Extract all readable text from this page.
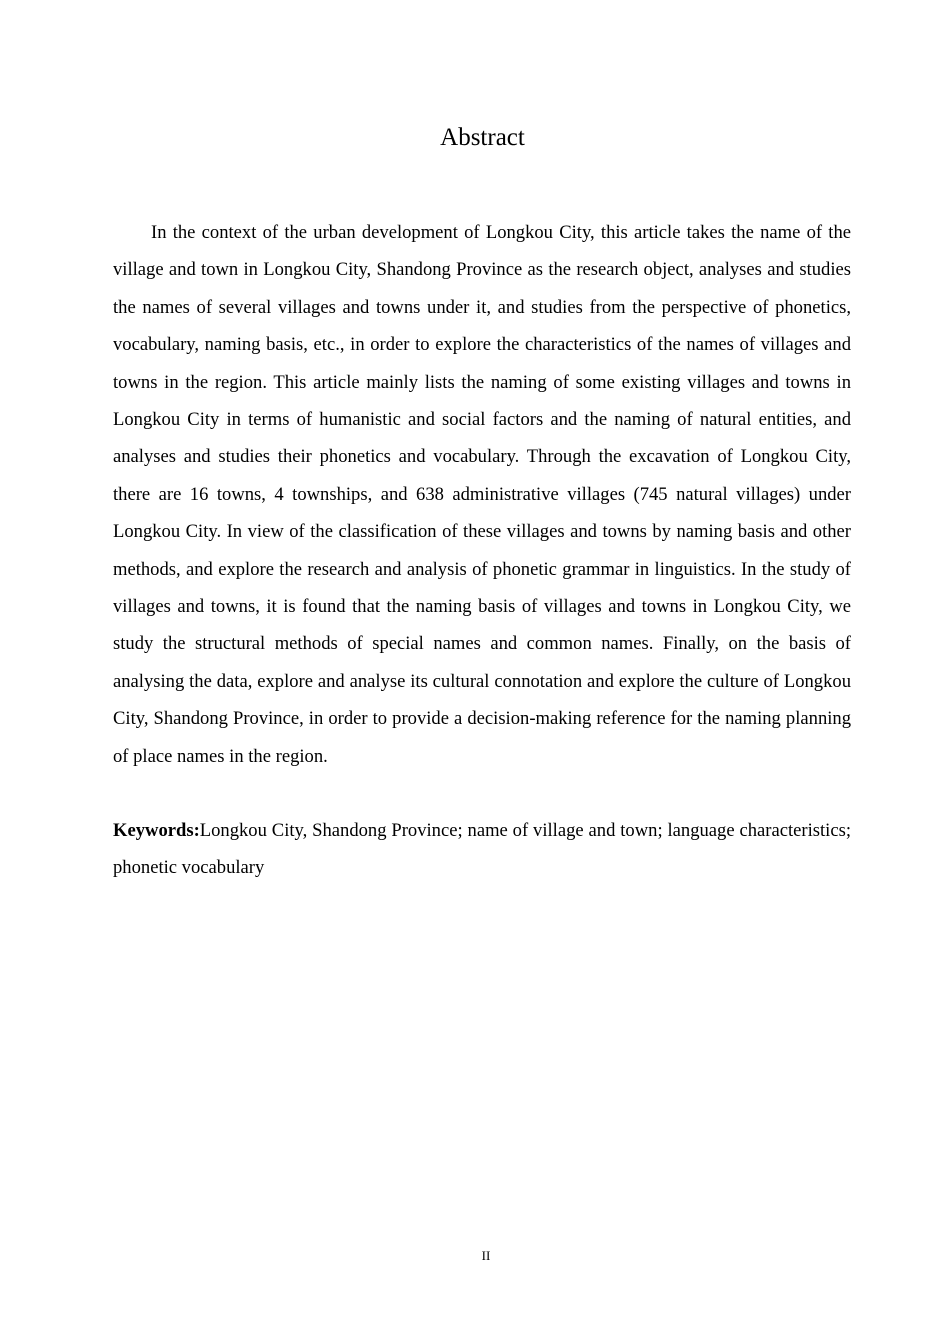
Abstract

In the context of the urban development of Longkou City, this article takes the name of the village and town in Longkou City, Shandong Province as the research object, analyses and studies the names of several villages and towns under it, and studies from the perspective of phonetics, vocabulary, naming basis, etc., in order to explore the characteristics of the names of villages and towns in the region. This article mainly lists the naming of some existing villages and towns in Longkou City in terms of humanistic and social factors and the naming of natural entities, and analyses and studies their phonetics and vocabulary. Through the excavation of Longkou City, there are 16 towns, 4 townships, and 638 administrative villages (745 natural villages) under Longkou City. In view of the classification of these villages and towns by naming basis and other methods, and explore the research and analysis of phonetic grammar in linguistics. In the study of villages and towns, it is found that the naming basis of villages and towns in Longkou City, we study the structural methods of special names and common names. Finally, on the basis of analysing the data, explore and analyse its cultural connotation and explore the culture of Longkou City, Shandong Province, in order to provide a decision-making reference for the naming planning of place names in the region.

Keywords:Longkou City, Shandong Province; name of village and town; language characteristics; phonetic vocabulary

II
